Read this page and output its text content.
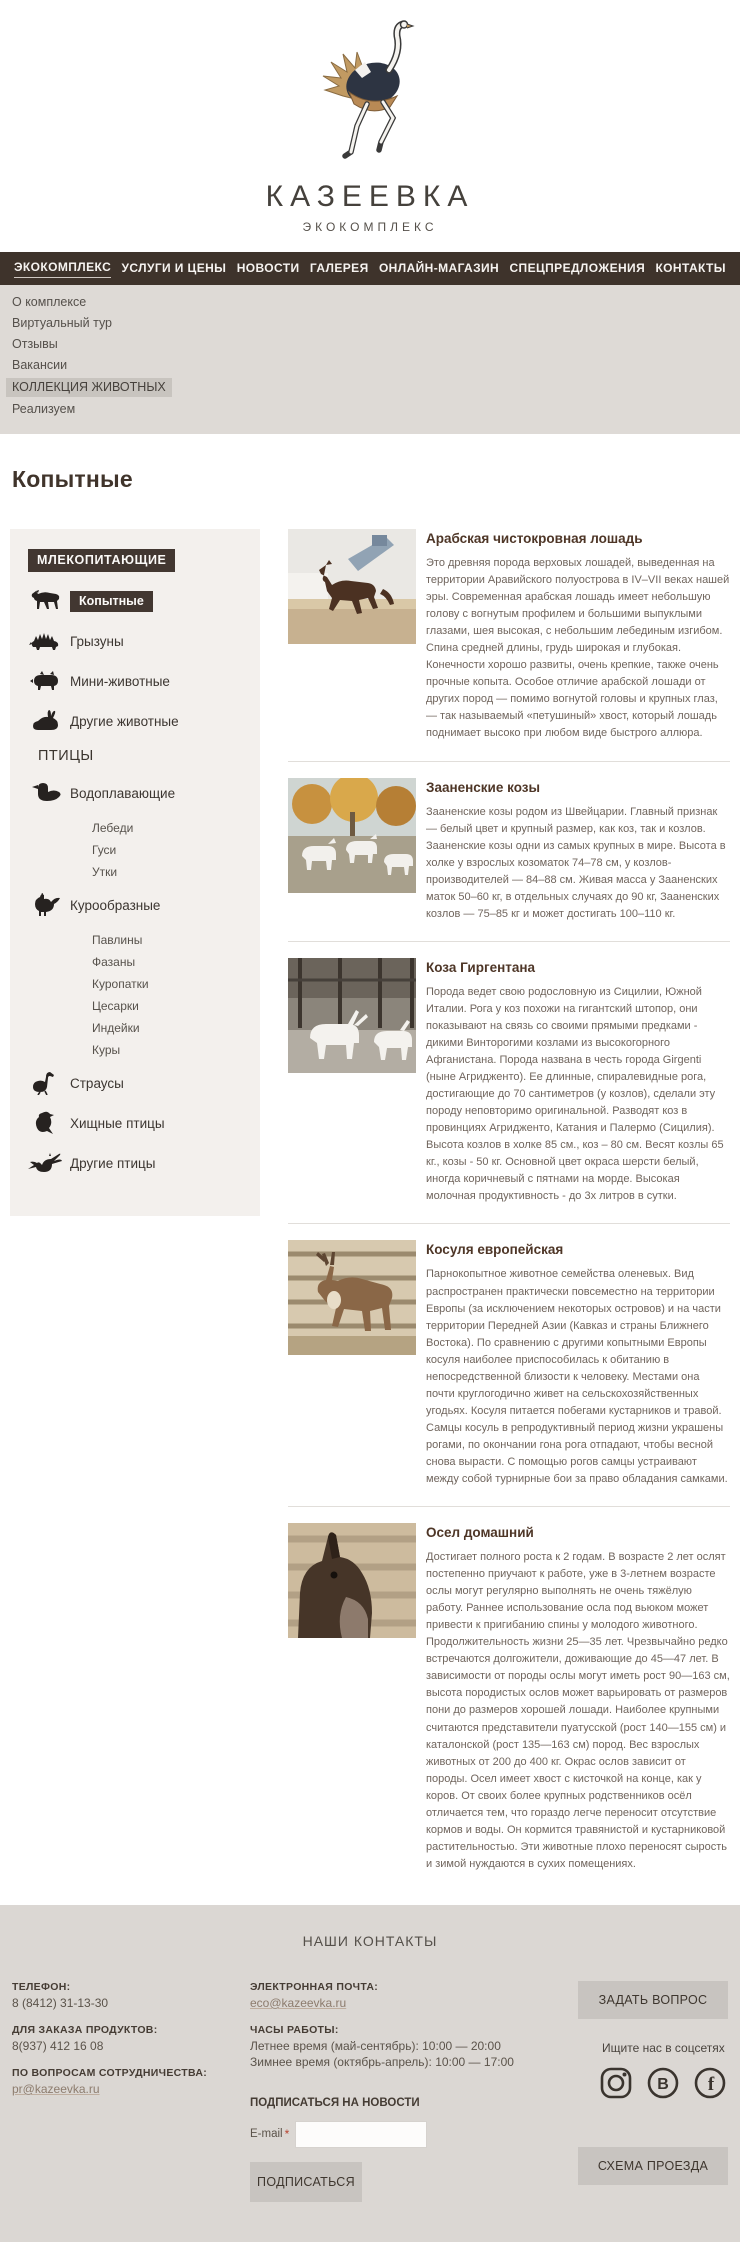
КАЗЕЕВКА
ЭКОКОМПЛЕКС
ЭКОКОМПЛЕКС УСЛУГИ И ЦЕНЫ НОВОСТИ ГАЛЕРЕЯ ОНЛАЙН-МАГАЗИН СПЕЦПРЕДЛОЖЕНИЯ КОНТАКТЫ
О комплексе
Виртуальный тур
Отзывы
Вакансии
КОЛЛЕКЦИЯ ЖИВОТНЫХ
Реализуем
Копытные
МЛЕКОПИТАЮЩИЕ
Копытные
Грызуны
Мини-животные
Другие животные
ПТИЦЫ
Водоплавающие
Лебеди
Гуси
Утки
Курообразные
Павлины
Фазаны
Куропатки
Цесарки
Индейки
Куры
Страусы
Хищные птицы
Другие птицы
Арабская чистокровная лошадь

Это древняя порода верховых лошадей, выведенная на территории Аравийского полуострова в IV–VII веках нашей эры. Современная арабская лошадь имеет небольшую голову с вогнутым профилем и большими выпуклыми глазами, шея высокая, с небольшим лебединым изгибом. Спина средней длины, грудь широкая и глубокая. Конечности хорошо развиты, очень крепкие, также очень прочные копыта. Особое отличие арабской лошади от других пород — помимо вогнутой головы и крупных глаз, — так называемый «петушиный» хвост, который лошадь поднимает высоко при любом виде быстрого аллюра.

Зааненские козы

Зааненские козы родом из Швейцарии. Главный признак — белый цвет и крупный размер, как коз, так и козлов. Зааненские козы одни из самых крупных в мире. Высота в холке у взрослых козоматок 74–78 см, у козлов-производителей — 84–88 см. Живая масса у Зааненских маток 50–60 кг, в отдельных случаях до 90 кг, Зааненских козлов — 75–85 кг и может достигать 100–110 кг.

Коза Гиргентана

Порода ведет свою родословную из Сицилии, Южной Италии. Рога у коз похожи на гигантский штопор, они показывают на связь со своими прямыми предками - дикими Винторогими козлами из высокогорного Афганистана. Порода названа в честь города Girgenti (ныне Агридженто). Ее длинные, спиралевидные рога, достигающие до 70 сантиметров (у козлов), сделали эту породу неповторимо оригинальной. Разводят коз в провинциях Агридженто, Катания и Палермо (Сицилия). Высота козлов в холке 85 см., коз – 80 см. Весят козлы 65 кг., козы - 50 кг. Основной цвет окраса шерсти белый, иногда коричневый с пятнами на морде. Высокая молочная продуктивность - до 3х литров в сутки.

Косуля европейская

Парнокопытное животное семейства оленевых. Вид распространен практически повсеместно на территории Европы (за исключением некоторых островов) и на части территории Передней Азии (Кавказ и страны Ближнего Востока). По сравнению с другими копытными Европы косуля наиболее приспособилась к обитанию в непосредственной близости к человеку. Местами она почти круглогодично живет на сельскохозяйственных угодьях. Косуля питается побегами кустарников и травой. Самцы косуль в репродуктивный период жизни украшены рогами, по окончании гона рога отпадают, чтобы весной снова вырасти. С помощью рогов самцы устраивают между собой турнирные бои за право обладания самками.

Осел домашний

Достигает полного роста к 2 годам. В возрасте 2 лет ослят постепенно приучают к работе, уже в 3-летнем возрасте ослы могут регулярно выполнять не очень тяжёлую работу. Раннее использование осла под вьюком может привести к пригибанию спины у молодого животного. Продолжительность жизни 25—35 лет. Чрезвычайно редко встречаются долгожители, доживающие до 45—47 лет. В зависимости от породы ослы могут иметь рост 90—163 см, высота породистых ослов может варьировать от размеров пони до размеров хорошей лошади. Наиболее крупными считаются представители пуатусской (рост 140—155 см) и каталонской (рост 135—163 см) пород. Вес взрослых животных от 200 до 400 кг. Окрас ослов зависит от породы. Осел имеет хвост с кисточкой на конце, как у коров. От своих более крупных родственников осёл отличается тем, что гораздо легче переносит отсутствие кормов и воды. Он кормится травянистой и кустарниковой растительностью. Эти животные плохо переносят сырость и зимой нуждаются в сухих помещениях.

НАШИ КОНТАКТЫ
ТЕЛЕФОН:
8 (8412) 31-13-30
ДЛЯ ЗАКАЗА ПРОДУКТОВ:
8(937) 412 16 08
ПО ВОПРОСАМ СОТРУДНИЧЕСТВА:
pr@kazeevka.ru
ЭЛЕКТРОННАЯ ПОЧТА:
eco@kazeevka.ru
ЧАСЫ РАБОТЫ:
Летнее время (май-сентябрь): 10:00 — 20:00
Зимнее время (октябрь-апрель): 10:00 — 17:00
ПОДПИСАТЬСЯ НА НОВОСТИ
E-mail *
ПОДПИСАТЬСЯ
ЗАДАТЬ ВОПРОС
Ищите нас в соцсетях
В f
СХЕМА ПРОЕЗДА
